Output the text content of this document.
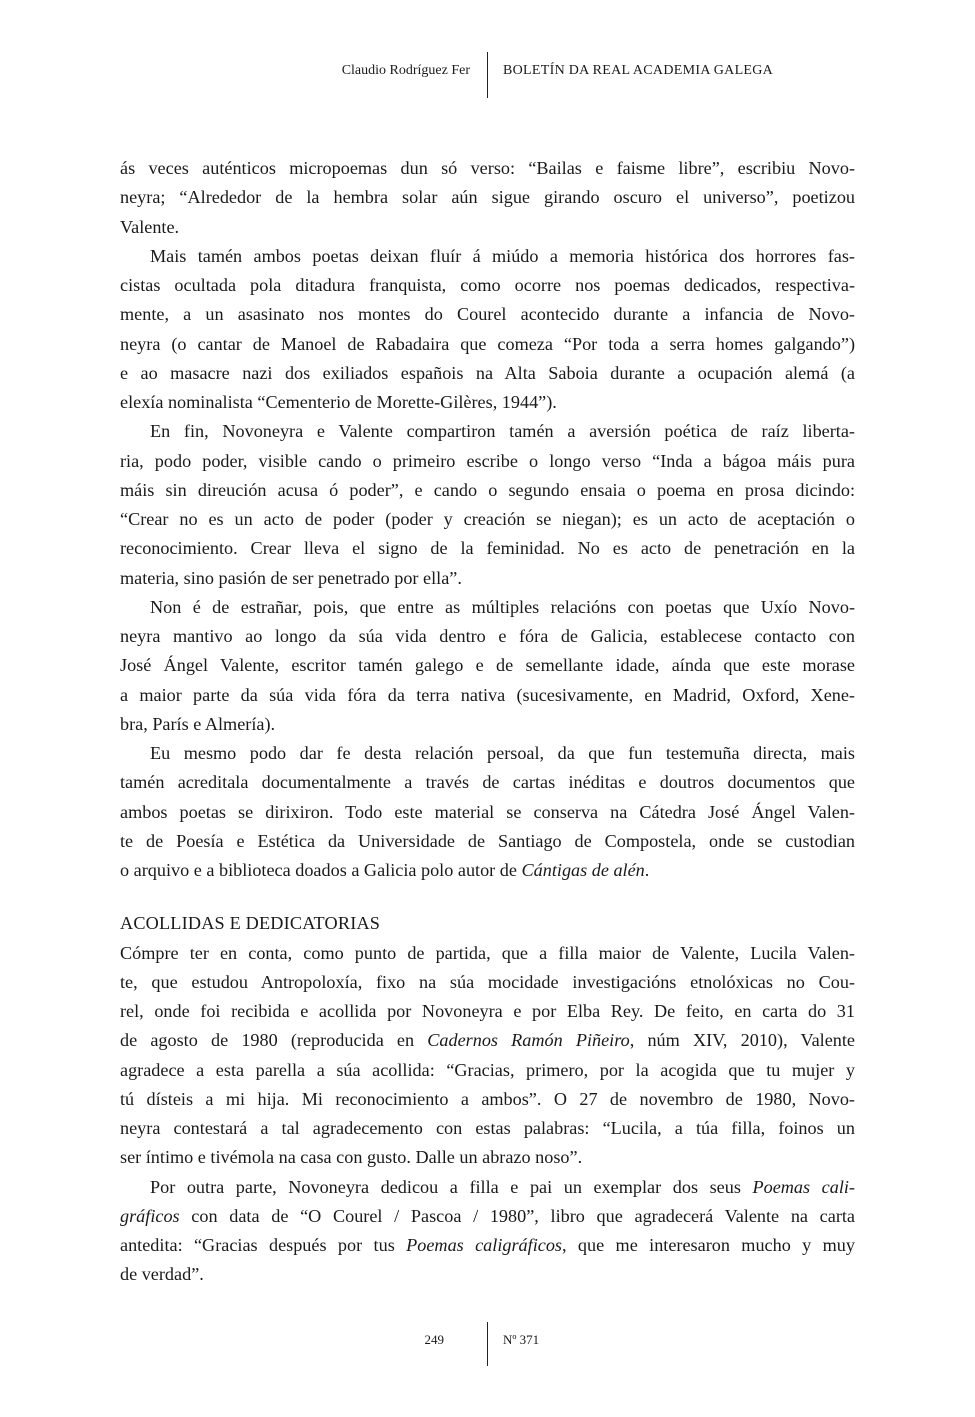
Claudio Rodríguez Fer BOLETÍN DA REAL ACADEMIA GALEGA
ás veces auténticos micropoemas dun só verso: “Bailas e faisme libre”, escribiu Novo-
neyra; “Alrededor de la hembra solar aún sigue girando oscuro el universo”, poetizou
Valente.
Mais tamén ambos poetas deixan fluír á miúdo a memoria histórica dos horrores fas-
cistas ocultada pola ditadura franquista, como ocorre nos poemas dedicados, respectiva-
mente, a un asasinato nos montes do Courel acontecido durante a infancia de Novo-
neyra (o cantar de Manoel de Rabadaira que comeza “Por toda a serra homes galgando”)
e ao masacre nazi dos exiliados españois na Alta Saboia durante a ocupación alemá (a
elexía nominalista “Cementerio de Morette-Gilères, 1944”).
En fin, Novoneyra e Valente compartiron tamén a aversión poética de raíz liberta-
ria, podo poder, visible cando o primeiro escribe o longo verso “Inda a bágoa máis pura
máis sin direución acusa ó poder”, e cando o segundo ensaia o poema en prosa dicindo:
“Crear no es un acto de poder (poder y creación se niegan); es un acto de aceptación o
reconocimiento. Crear lleva el signo de la feminidad. No es acto de penetración en la
materia, sino pasión de ser penetrado por ella”.
Non é de estrañar, pois, que entre as múltiples relacións con poetas que Uxío Novo-
neyra mantivo ao longo da súa vida dentro e fóra de Galicia, establecese contacto con
José Ángel Valente, escritor tamén galego e de semellante idade, aínda que este morase
a maior parte da súa vida fóra da terra nativa (sucesivamente, en Madrid, Oxford, Xene-
bra, París e Almería).
Eu mesmo podo dar fe desta relación persoal, da que fun testemuña directa, mais
tamén acreditala documentalmente a través de cartas inéditas e doutros documentos que
ambos poetas se dirixiron. Todo este material se conserva na Cátedra José Ángel Valen-
te de Poesía e Estética da Universidade de Santiago de Compostela, onde se custodian
o arquivo e a biblioteca doados a Galicia polo autor de Cántigas de alén.
ACOLLIDAS E DEDICATORIAS
Cómpre ter en conta, como punto de partida, que a filla maior de Valente, Lucila Valen-
te, que estudou Antropoloxía, fixo na súa mocidade investigacións etnolóxicas no Cou-
rel, onde foi recibida e acollida por Novoneyra e por Elba Rey. De feito, en carta do 31
de agosto de 1980 (reproducida en Cadernos Ramón Piñeiro, núm XIV, 2010), Valente
agradece a esta parella a súa acollida: “Gracias, primero, por la acogida que tu mujer y
tú dísteis a mi hija. Mi reconocimiento a ambos”. O 27 de novembro de 1980, Novo-
neyra contestará a tal agradecemento con estas palabras: “Lucila, a túa filla, foinos un
ser íntimo e tivémola na casa con gusto. Dalle un abrazo noso”.
Por outra parte, Novoneyra dedicou a filla e pai un exemplar dos seus Poemas cali-
gráficos con data de “O Courel / Pascoa / 1980”, libro que agradecerá Valente na carta
antedita: “Gracias después por tus Poemas caligráficos, que me interesaron mucho y muy
de verdad”.
249	Nº 371
